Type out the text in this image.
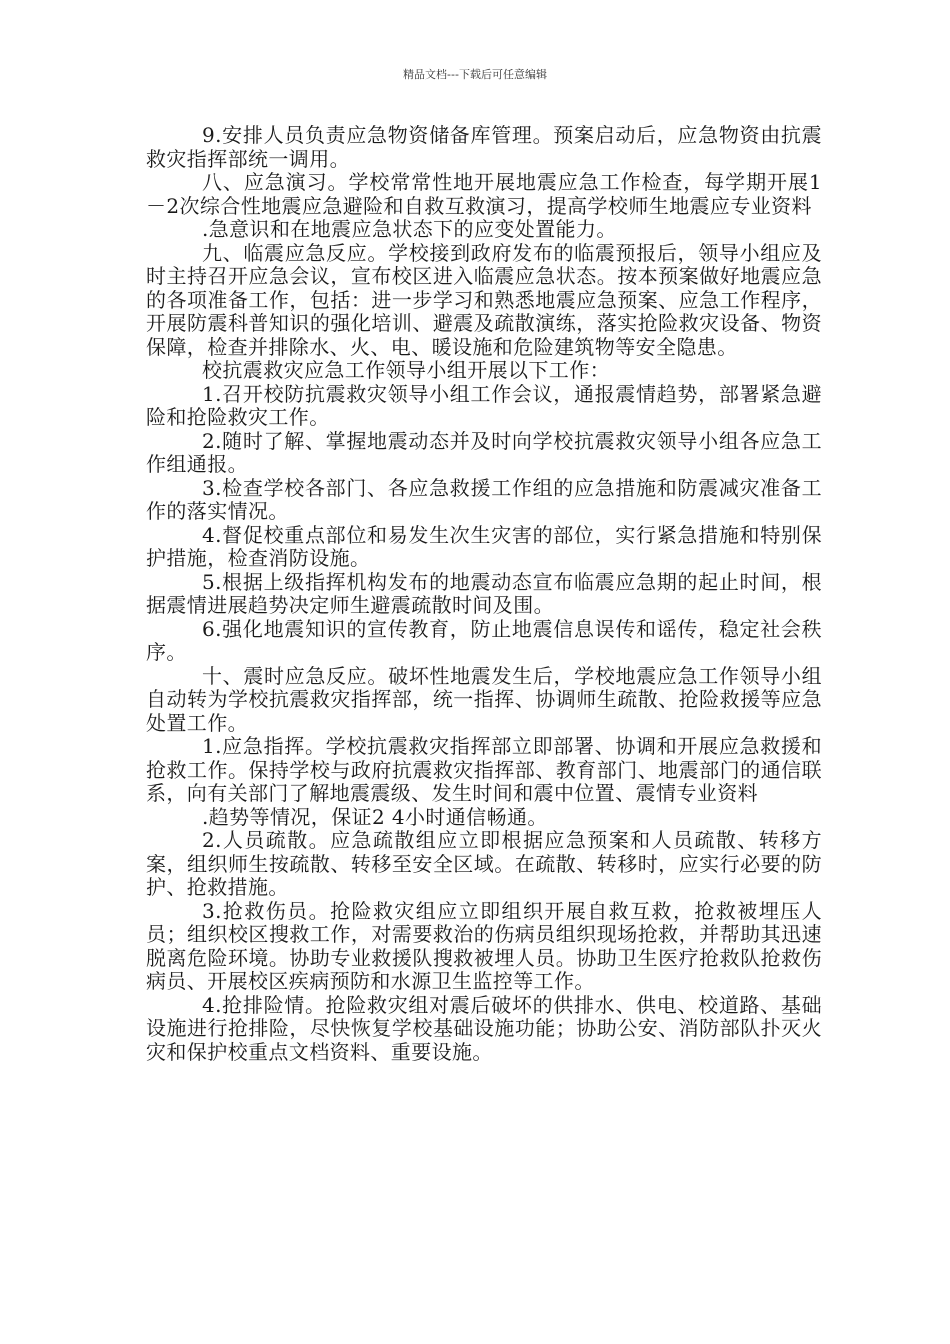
精品文档---下载后可任意编辑

9.安排人员负责应急物资储备库管理。预案启动后，应急物资由抗震救灾指挥部统一调用。

八、应急演习。学校常常性地开展地震应急工作检查，每学期开展1－2次综合性地震应急避险和自救互救演习，提高学校师生地震应专业资料

.急意识和在地震应急状态下的应变处置能力。

九、临震应急反应。学校接到政府发布的临震预报后，领导小组应及时主持召开应急会议，宣布校区进入临震应急状态。按本预案做好地震应急的各项准备工作，包括：进一步学习和熟悉地震应急预案、应急工作程序，开展防震科普知识的强化培训、避震及疏散演练，落实抢险救灾设备、物资保障，检查并排除水、火、电、暖设施和危险建筑物等安全隐患。

校抗震救灾应急工作领导小组开展以下工作：

1.召开校防抗震救灾领导小组工作会议，通报震情趋势，部署紧急避险和抢险救灾工作。

2.随时了解、掌握地震动态并及时向学校抗震救灾领导小组各应急工作组通报。

3.检查学校各部门、各应急救援工作组的应急措施和防震减灾准备工作的落实情况。

4.督促校重点部位和易发生次生灾害的部位，实行紧急措施和特别保护措施，检查消防设施。

5.根据上级指挥机构发布的地震动态宣布临震应急期的起止时间，根据震情进展趋势决定师生避震疏散时间及围。

6.强化地震知识的宣传教育，防止地震信息误传和谣传，稳定社会秩序。

十、震时应急反应。破坏性地震发生后，学校地震应急工作领导小组自动转为学校抗震救灾指挥部，统一指挥、协调师生疏散、抢险救援等应急处置工作。

1.应急指挥。学校抗震救灾指挥部立即部署、协调和开展应急救援和抢救工作。保持学校与政府抗震救灾指挥部、教育部门、地震部门的通信联系，向有关部门了解地震震级、发生时间和震中位置、震情专业资料

.趋势等情况，保证2 4小时通信畅通。

2.人员疏散。应急疏散组应立即根据应急预案和人员疏散、转移方案，组织师生按疏散、转移至安全区域。在疏散、转移时，应实行必要的防护、抢救措施。

3.抢救伤员。抢险救灾组应立即组织开展自救互救，抢救被埋压人员；组织校区搜救工作，对需要救治的伤病员组织现场抢救，并帮助其迅速脱离危险环境。协助专业救援队搜救被埋人员。协助卫生医疗抢救队抢救伤病员、开展校区疾病预防和水源卫生监控等工作。

4.抢排险情。抢险救灾组对震后破坏的供排水、供电、校道路、基础设施进行抢排险，尽快恢复学校基础设施功能；协助公安、消防部队扑灭火灾和保护校重点文档资料、重要设施。
